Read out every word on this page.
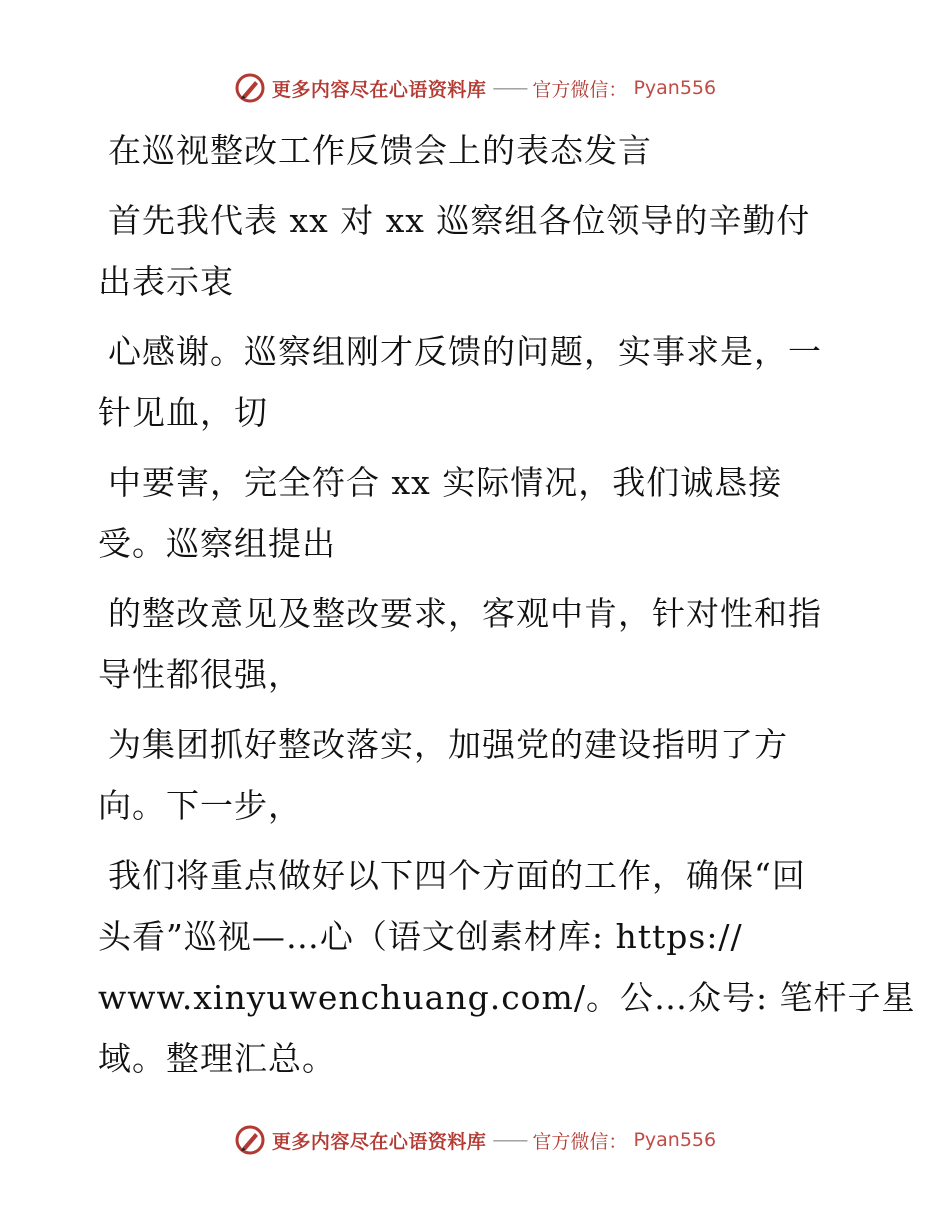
更多内容尽在心语资料库 —— 官方微信： Pyan556
在巡视整改工作反馈会上的表态发言
首先我代表 xx 对 xx 巡察组各位领导的辛勤付
出表示衷
心感谢。巡察组刚才反馈的问题，实事求是，一
针见血，切
中要害，完全符合 xx 实际情况，我们诚恳接
受。巡察组提出
的整改意见及整改要求，客观中肯，针对性和指
导性都很强，
为集团抓好整改落实，加强党的建设指明了方
向。下一步，
我们将重点做好以下四个方面的工作，确保“回
头看”巡视—…心（语文创素材库: https://
www.xinyuwenchuang.com/。公…众号: 笔杆子星
域。整理汇总。
更多内容尽在心语资料库 —— 官方微信： Pyan556
